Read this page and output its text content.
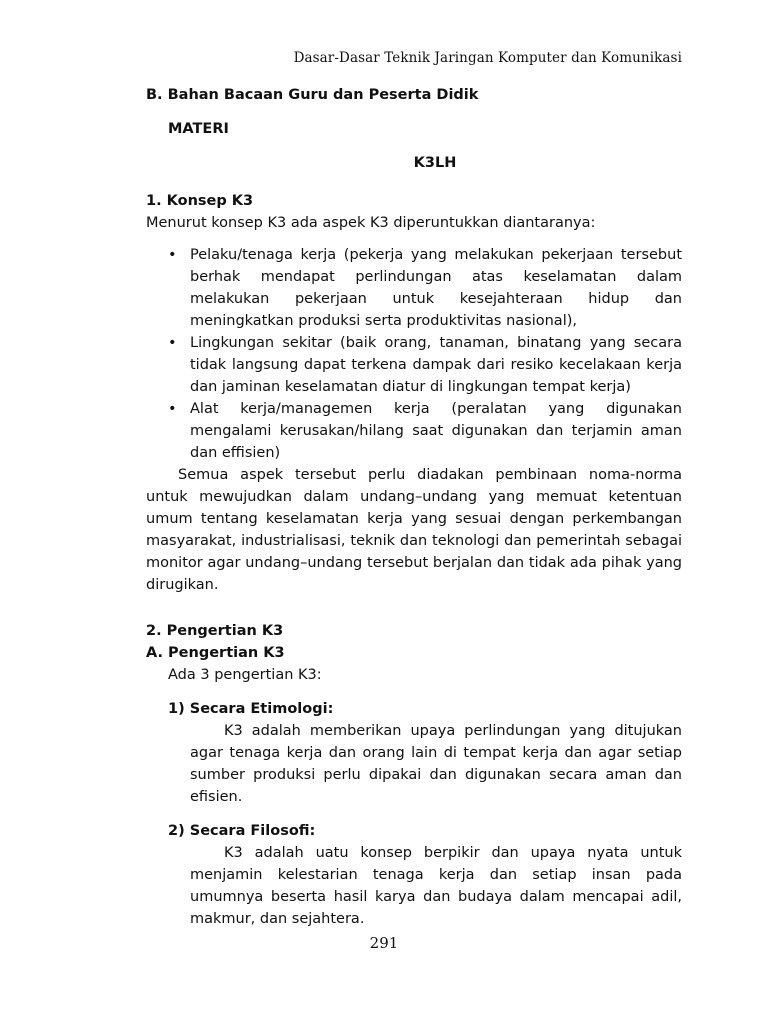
Dasar-Dasar Teknik Jaringan Komputer dan Komunikasi

B. Bahan Bacaan Guru dan Peserta Didik

MATERI

K3LH

1. Konsep K3

Menurut konsep K3 ada aspek K3 diperuntukkan diantaranya:

• Pelaku/tenaga kerja (pekerja yang melakukan pekerjaan tersebut berhak mendapat perlindungan atas keselamatan dalam melakukan pekerjaan untuk kesejahteraan hidup dan meningkatkan produksi serta produktivitas nasional),
• Lingkungan sekitar (baik orang, tanaman, binatang yang secara tidak langsung dapat terkena dampak dari resiko kecelakaan kerja dan jaminan keselamatan diatur di lingkungan tempat kerja)
• Alat kerja/managemen kerja (peralatan yang digunakan mengalami kerusakan/hilang saat digunakan dan terjamin aman dan effisien)

Semua aspek tersebut perlu diadakan pembinaan noma-norma untuk mewujudkan dalam undang–undang yang memuat ketentuan umum tentang keselamatan kerja yang sesuai dengan perkembangan masyarakat, industrialisasi, teknik dan teknologi dan pemerintah sebagai monitor agar undang–undang tersebut berjalan dan tidak ada pihak yang dirugikan.

2. Pengertian K3

A. Pengertian K3

Ada 3 pengertian K3:

1) Secara Etimologi:

K3 adalah memberikan upaya perlindungan yang ditujukan agar tenaga kerja dan orang lain di tempat kerja dan agar setiap sumber produksi perlu dipakai dan digunakan secara aman dan efisien.

2) Secara Filosofi:

K3 adalah uatu konsep berpikir dan upaya nyata untuk menjamin kelestarian tenaga kerja dan setiap insan pada umumnya beserta hasil karya dan budaya dalam mencapai adil, makmur, dan sejahtera.

291
